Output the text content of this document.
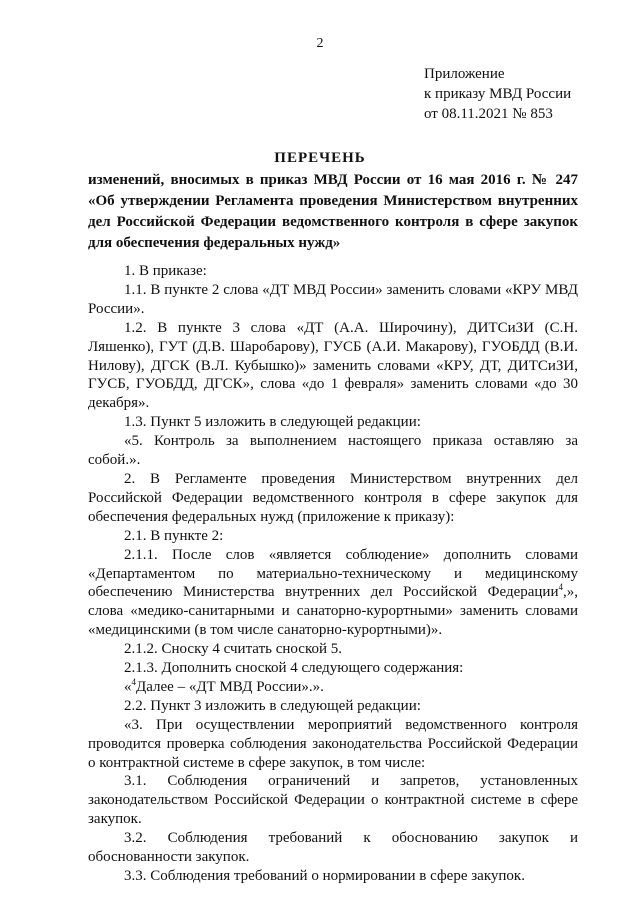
2
Приложение
к приказу МВД России
от 08.11.2021 № 853
ПЕРЕЧЕНЬ
изменений, вносимых в приказ МВД России от 16 мая 2016 г. № 247
«Об утверждении Регламента проведения Министерством внутренних
дел Российской Федерации ведомственного контроля в сфере закупок
для обеспечения федеральных нужд»

1. В приказе:

1.1. В пункте 2 слова «ДТ МВД России» заменить словами «КРУ МВД России».

1.2. В пункте 3 слова «ДТ (А.А. Широчину), ДИТСиЗИ (С.Н. Ляшенко), ГУТ (Д.В. Шаробарову), ГУСБ (А.И. Макарову), ГУОБДД (В.И. Нилову), ДГСК (В.Л. Кубышко)» заменить словами «КРУ, ДТ, ДИТСиЗИ, ГУСБ, ГУОБДД, ДГСК», слова «до 1 февраля» заменить словами «до 30 декабря».

1.3. Пункт 5 изложить в следующей редакции:

«5. Контроль за выполнением настоящего приказа оставляю за собой.».

2. В Регламенте проведения Министерством внутренних дел Российской Федерации ведомственного контроля в сфере закупок для обеспечения федеральных нужд (приложение к приказу):

2.1. В пункте 2:

2.1.1. После слов «является соблюдение» дополнить словами «Департаментом по материально-техническому и медицинскому обеспечению Министерства внутренних дел Российской Федерации$^4$,», слова «медико-санитарными и санаторно-курортными» заменить словами «медицинскими (в том числе санаторно-курортными)».

2.1.2. Сноску 4 считать сноской 5.

2.1.3. Дополнить сноской 4 следующего содержания:

«$^4$Далее – «ДТ МВД России».».

2.2. Пункт 3 изложить в следующей редакции:

«3. При осуществлении мероприятий ведомственного контроля проводится проверка соблюдения законодательства Российской Федерации о контрактной системе в сфере закупок, в том числе:

3.1. Соблюдения ограничений и запретов, установленных законодательством Российской Федерации о контрактной системе в сфере закупок.

3.2. Соблюдения требований к обоснованию закупок и обоснованности закупок.

3.3. Соблюдения требований о нормировании в сфере закупок.
